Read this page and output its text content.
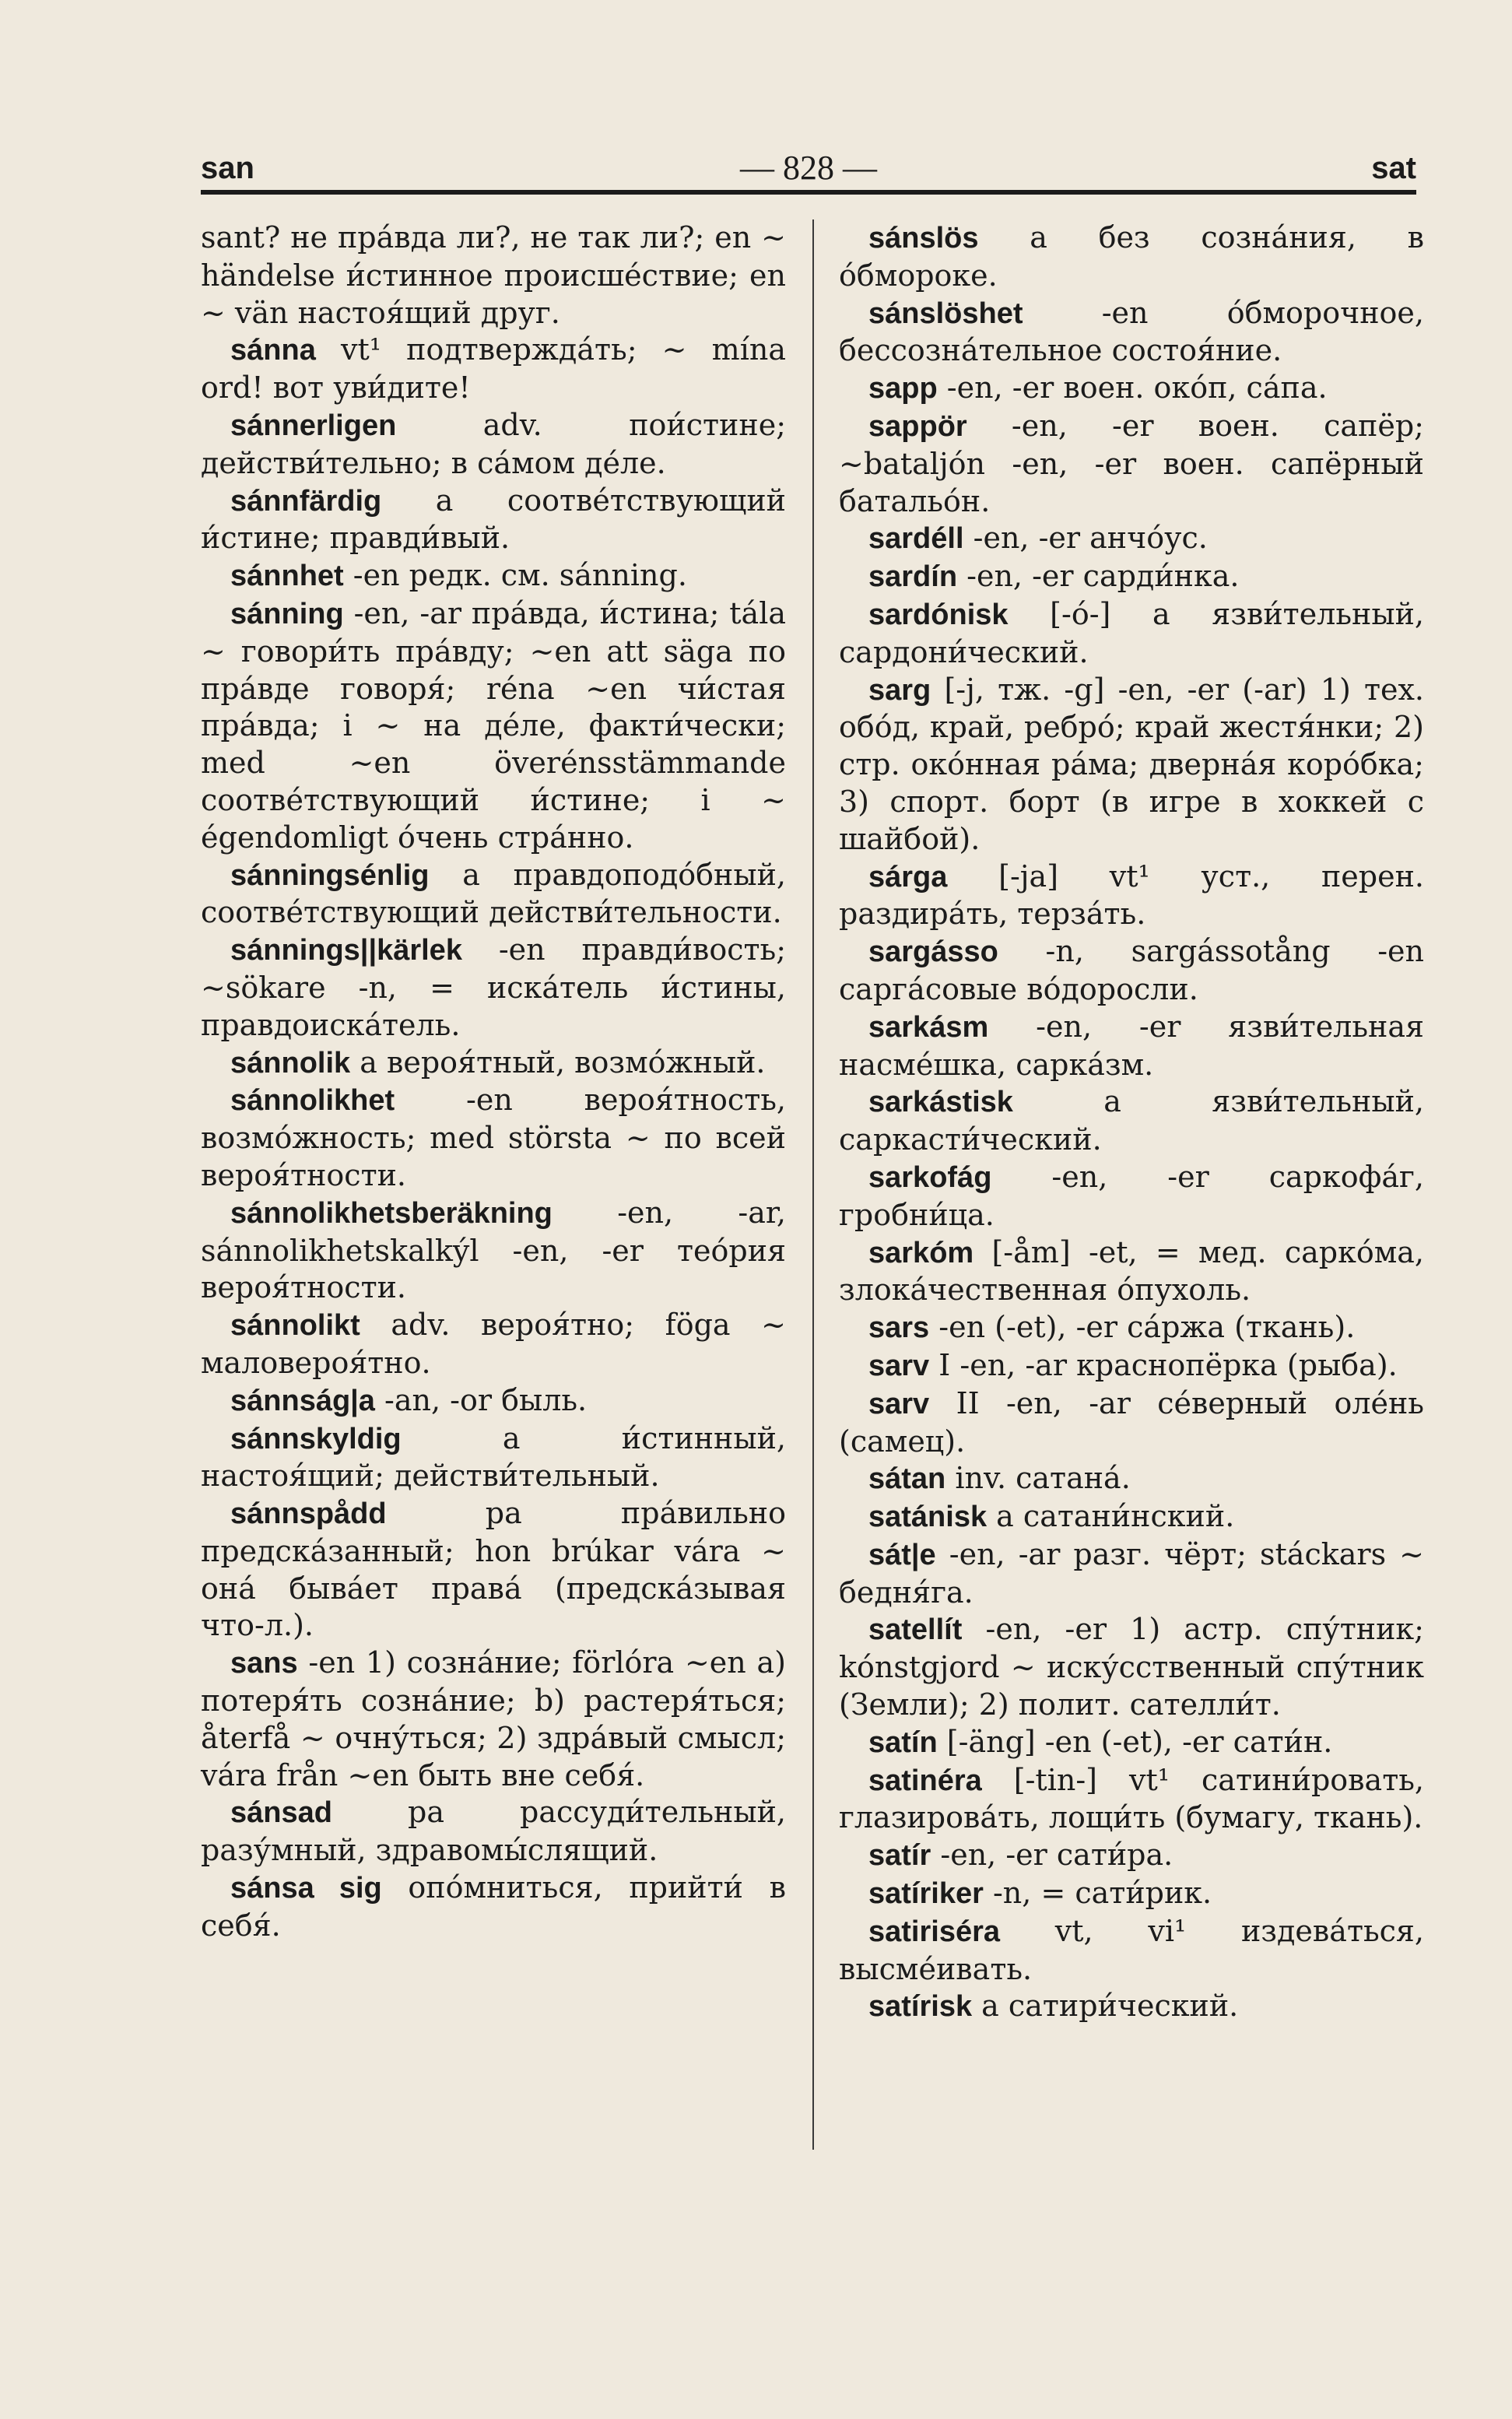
san	— 828 —	sat

sant? не пра́вда ли?, не так ли?; en ~ händelse и́стинное происше́ствие; en ~ vän настоя́щий друг.

sánna vt¹ подтвержда́ть; ~ mína ord! вот уви́дите!

sánnerligen adv. пои́стине; действи́тельно; в са́мом де́ле.

sánnfärdig a соотве́тствующий и́стине; правди́вый.

sánnhet -en редк. см. sánning.

sánning -en, -ar пра́вда, и́стина; tála ~ говори́ть пра́вду; ~en att säga по пра́вде говоря́; réna ~en чи́стая пра́вда; i ~ на де́ле, факти́чески; med ~en överénsstämmande соотве́тствующий и́стине; i ~ égendomligt о́чень стра́нно.

sánningsénlig a правдоподо́бный, соотве́тствующий действи́тельности.

sánnings||kärlek -en правди́вость; ~sökare -n, = иска́тель и́стины, правдоиска́тель.

sánnolik a вероя́тный, возмо́жный.

sánnolikhet -en вероя́тность, возмо́жность; med största ~ по всей вероя́тности.

sánnolikhetsberäkning -en, -ar, sánnolikhetskalkýl -en, -er тео́рия вероя́тности.

sánnolikt adv. вероя́тно; föga ~ маловероя́тно.

sánnság|a -an, -or быль.

sánnskyldig a и́стинный, настоя́щий; действи́тельный.

sánnspådd pa пра́вильно предска́занный; hon brúkar vára ~ она́ быва́ет права́ (предска́зывая что-л.).

sans -en 1) созна́ние; förlóra ~en a) потеря́ть созна́ние; b) растеря́ться; återfå ~ очну́ться; 2) здра́вый смысл; vára från ~en быть вне себя́.

sánsad pa рассуди́тельный, разу́мный, здравомы́слящий.

sánsa sig опо́мниться, прийти́ в себя́.

sánslös a без созна́ния, в о́бмороке.

sánslöshet -en о́бморочное, бессозна́тельное состоя́ние.

sapp -en, -er воен. око́п, са́па.

sappör -en, -er воен. сапёр; ~bataljón -en, -er воен. сапёрный батальо́н.

sardéll -en, -er анчо́ус.

sardín -en, -er сарди́нка.

sardónisk [-ó-] a язви́тельный, сардони́ческий.

sarg [-j, тж. -g] -en, -er (-ar) 1) тех. обо́д, край, ребро́; край жестя́нки; 2) стр. око́нная ра́ма; дверна́я коро́бка; 3) спорт. борт (в игре в хоккей с шайбой).

sárga [-ja] vt¹ уст., перен. раздира́ть, терза́ть.

sargásso -n, sargássotång -en сарга́совые во́доросли.

sarkásm -en, -er язви́тельная насме́шка, сарка́зм.

sarkástisk a язви́тельный, саркасти́ческий.

sarkofág -en, -er саркофа́г, гробни́ца.

sarkóm [-åm] -et, = мед. сарко́ма, злока́чественная о́пухоль.

sars -en (-et), -er са́ржа (ткань).

sarv I -en, -ar краснопёрка (рыба).

sarv II -en, -ar се́верный оле́нь (самец).

sátan inv. сатана́.

satánisk a сатани́нский.

sát|e -en, -ar разг. чёрт; stáckars ~ бедня́га.

satellít -en, -er 1) астр. спу́тник; kónstgjord ~ иску́сственный спу́тник (Земли); 2) полит. сателли́т.

satín [-äng] -en (-et), -er сати́н.

satinéra [-tin-] vt¹ сатини́ровать, глазирова́ть, лощи́ть (бумагу, ткань).

satír -en, -er сати́ра.

satíriker -n, = сати́рик.

satiriséra vt, vi¹ издева́ться, высме́ивать.

satírisk a сатири́ческий.
